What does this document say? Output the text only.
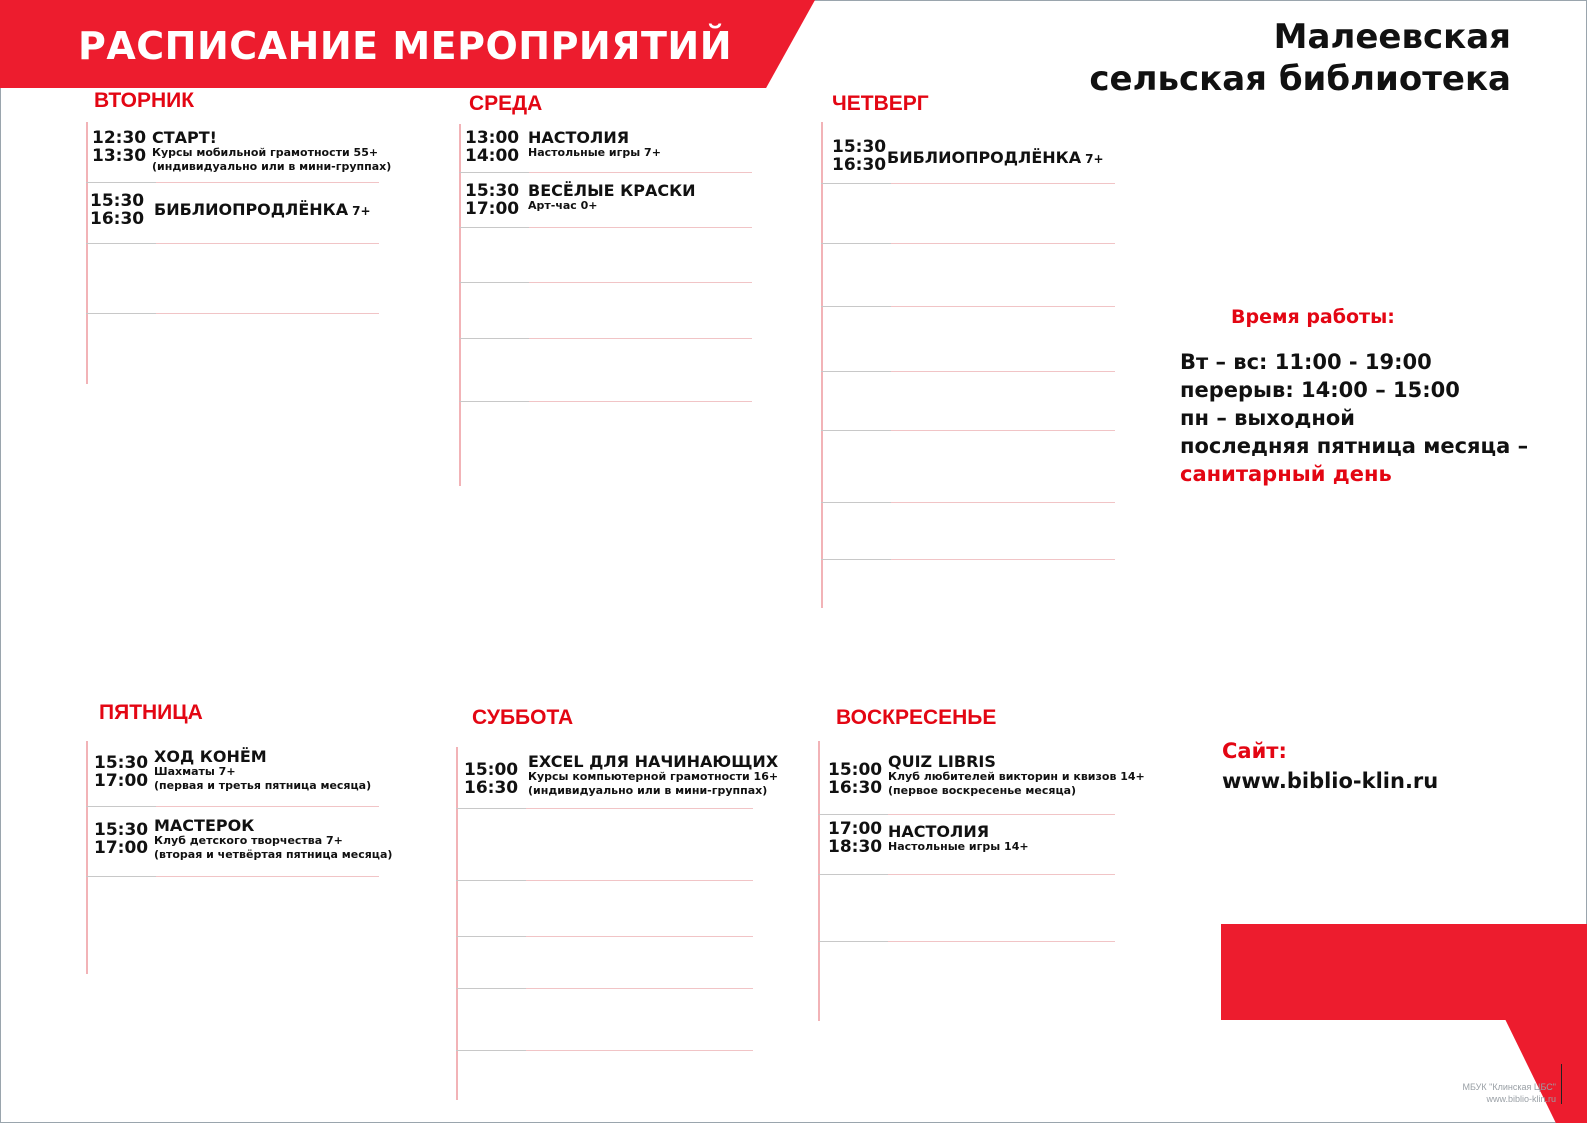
РАСПИСАНИЕ МЕРОПРИЯТИЙ	Малеевская
сельская библиотека
ВТОРНИК
12:30
13:30
СТАРТ!
Курсы мобильной грамотности 55+
(индивидуально или в мини-группах)
15:30
16:30 БИБЛИОПРОДЛЁНКА 7+
СРЕДА
13:00
14:00
НАСТОЛИЯ
Настольные игры 7+
15:30
17:00
ВЕСЁЛЫЕ КРАСКИ
Арт-час 0+
ЧЕТВЕРГ
15:30
16:30 БИБЛИОПРОДЛЁНКА 7+
ПЯТНИЦА
15:30
17:00
ХОД КОНЁМ
Шахматы 7+
(первая и третья пятница месяца)
15:30
17:00
МАСТЕРОК
Клуб детского творчества 7+
(вторая и четвёртая пятница месяца)
СУББОТА
15:00
16:30
EXCEL ДЛЯ НАЧИНАЮЩИХ
Курсы компьютерной грамотности 16+
(индивидуально или в мини-группах)
ВОСКРЕСЕНЬЕ
15:00
16:30
QUIZ LIBRIS
Клуб любителей викторин и квизов 14+
(первое воскресенье месяца)
17:00
18:30
НАСТОЛИЯ
Настольные игры 14+
Время работы:
Вт – вс: 11:00 - 19:00
перерыв: 14:00 – 15:00
пн – выходной
последняя пятница месяца –
санитарный день
Сайт:
www.biblio-klin.ru
МБУК "Клинская ЦБС"
www.biblio-klin.ru
